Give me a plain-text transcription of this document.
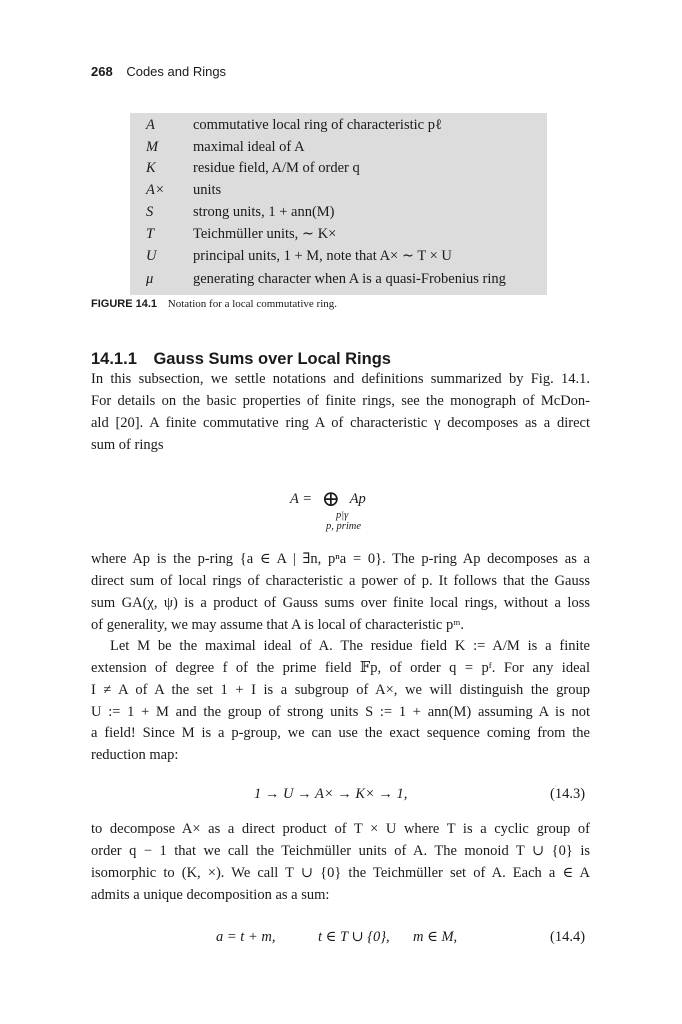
268 Codes and Rings
A	commutative local ring of characteristic pℓ
M maximal ideal of A
K	residue field, A/M of order q
A× units
S	strong units, 1 + ann(M)
T	Teichmüller units, ∼ K×
U	principal units, 1 + M, note that A× ∼ T × U
μ	generating character when A is a quasi-Frobenius ring
FIGURE 14.1 Notation for a local commutative ring.
14.1.1 Gauss Sums over Local Rings
In this subsection, we settle notations and definitions summarized by Fig. 14.1.
For details on the basic properties of finite rings, see the monograph of McDon-
ald [20]. A finite commutative ring A of characteristic γ decomposes as a direct
sum of rings
A = ⊕ Ap
p|γ
p, prime
where Ap is the p-ring {a ∈ A | ∃n, pⁿa = 0}. The p-ring Ap decomposes as a
direct sum of local rings of characteristic a power of p. It follows that the Gauss
sum GA(χ, ψ) is a product of Gauss sums over finite local rings, without a loss
of generality, we may assume that A is local of characteristic pᵐ.
Let M be the maximal ideal of A. The residue field K := A/M is a finite
extension of degree f of the prime field 𝔽p, of order q = pᶠ. For any ideal
I ≠ A of A the set 1 + I is a subgroup of A×, we will distinguish the group
U := 1 + M and the group of strong units S := 1 + ann(M) assuming A is not
a field! Since M is a p-group, we can use the exact sequence coming from the
reduction map:
1 → U → A× → K× → 1,	(14.3)
to decompose A× as a direct product of T × U where T is a cyclic group of
order q − 1 that we call the Teichmüller units of A. The monoid T ∪ {0} is
isomorphic to (K, ×). We call T ∪ {0} the Teichmüller set of A. Each a ∈ A
admits a unique decomposition as a sum:
a = t + m,	t ∈ T ∪ {0}, m ∈ M,	(14.4)
